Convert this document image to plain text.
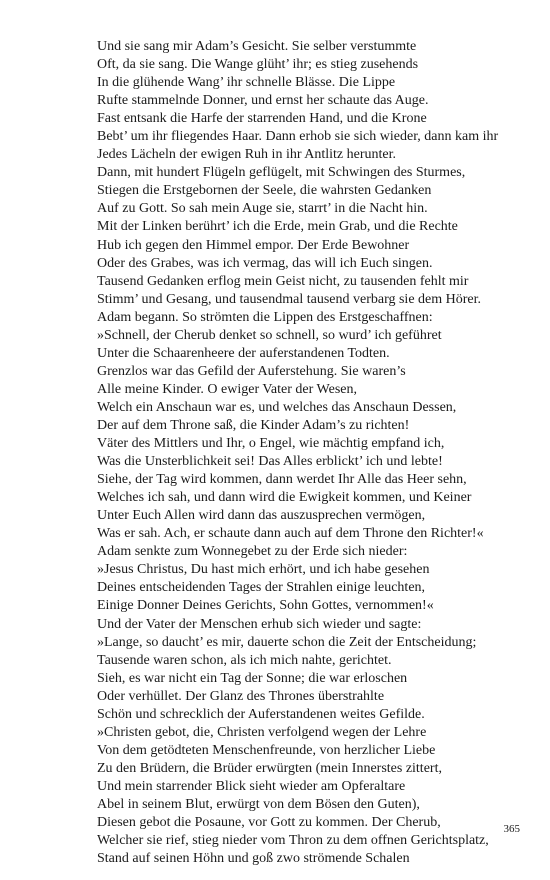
Und sie sang mir Adam’s Gesicht. Sie selber verstummte
Oft, da sie sang. Die Wange glüht’ ihr; es stieg zusehends
In die glühende Wang’ ihr schnelle Blässe. Die Lippe
Rufte stammelnde Donner, und ernst her schaute das Auge.
Fast entsank die Harfe der starrenden Hand, und die Krone
Bebt’ um ihr fliegendes Haar. Dann erhob sie sich wieder, dann kam ihr
Jedes Lächeln der ewigen Ruh in ihr Antlitz herunter.
Dann, mit hundert Flügeln geflügelt, mit Schwingen des Sturmes,
Stiegen die Erstgebornen der Seele, die wahrsten Gedanken
Auf zu Gott. So sah mein Auge sie, starrt’ in die Nacht hin.
Mit der Linken berührt’ ich die Erde, mein Grab, und die Rechte
Hub ich gegen den Himmel empor. Der Erde Bewohner
Oder des Grabes, was ich vermag, das will ich Euch singen.
Tausend Gedanken erflog mein Geist nicht, zu tausenden fehlt mir
Stimm’ und Gesang, und tausendmal tausend verbarg sie dem Hörer.
Adam begann. So strömten die Lippen des Erstgeschaffnen:
»Schnell, der Cherub denket so schnell, so wurd’ ich geführet
Unter die Schaarenheere der auferstandenen Todten.
Grenzlos war das Gefild der Auferstehung. Sie waren’s
Alle meine Kinder. O ewiger Vater der Wesen,
Welch ein Anschaun war es, und welches das Anschaun Dessen,
Der auf dem Throne saß, die Kinder Adam’s zu richten!
Väter des Mittlers und Ihr, o Engel, wie mächtig empfand ich,
Was die Unsterblichkeit sei! Das Alles erblickt’ ich und lebte!
Siehe, der Tag wird kommen, dann werdet Ihr Alle das Heer sehn,
Welches ich sah, und dann wird die Ewigkeit kommen, und Keiner
Unter Euch Allen wird dann das auszusprechen vermögen,
Was er sah. Ach, er schaute dann auch auf dem Throne den Richter!«
Adam senkte zum Wonnegebet zu der Erde sich nieder:
»Jesus Christus, Du hast mich erhört, und ich habe gesehen
Deines entscheidenden Tages der Strahlen einige leuchten,
Einige Donner Deines Gerichts, Sohn Gottes, vernommen!«
Und der Vater der Menschen erhub sich wieder und sagte:
»Lange, so daucht’ es mir, dauerte schon die Zeit der Entscheidung;
Tausende waren schon, als ich mich nahte, gerichtet.
Sieh, es war nicht ein Tag der Sonne; die war erloschen
Oder verhüllet. Der Glanz des Thrones überstrahlte
Schön und schrecklich der Auferstandenen weites Gefilde.
»Christen gebot, die, Christen verfolgend wegen der Lehre
Von dem getödteten Menschenfreunde, von herzlicher Liebe
Zu den Brüdern, die Brüder erwürgten (mein Innerstes zittert,
Und mein starrender Blick sieht wieder am Opferaltare
Abel in seinem Blut, erwürgt von dem Bösen den Guten),
Diesen gebot die Posaune, vor Gott zu kommen. Der Cherub,
Welcher sie rief, stieg nieder vom Thron zu dem offnen Gerichtsplatz,
Stand auf seinen Höhn und goß zwo strömende Schalen
365
